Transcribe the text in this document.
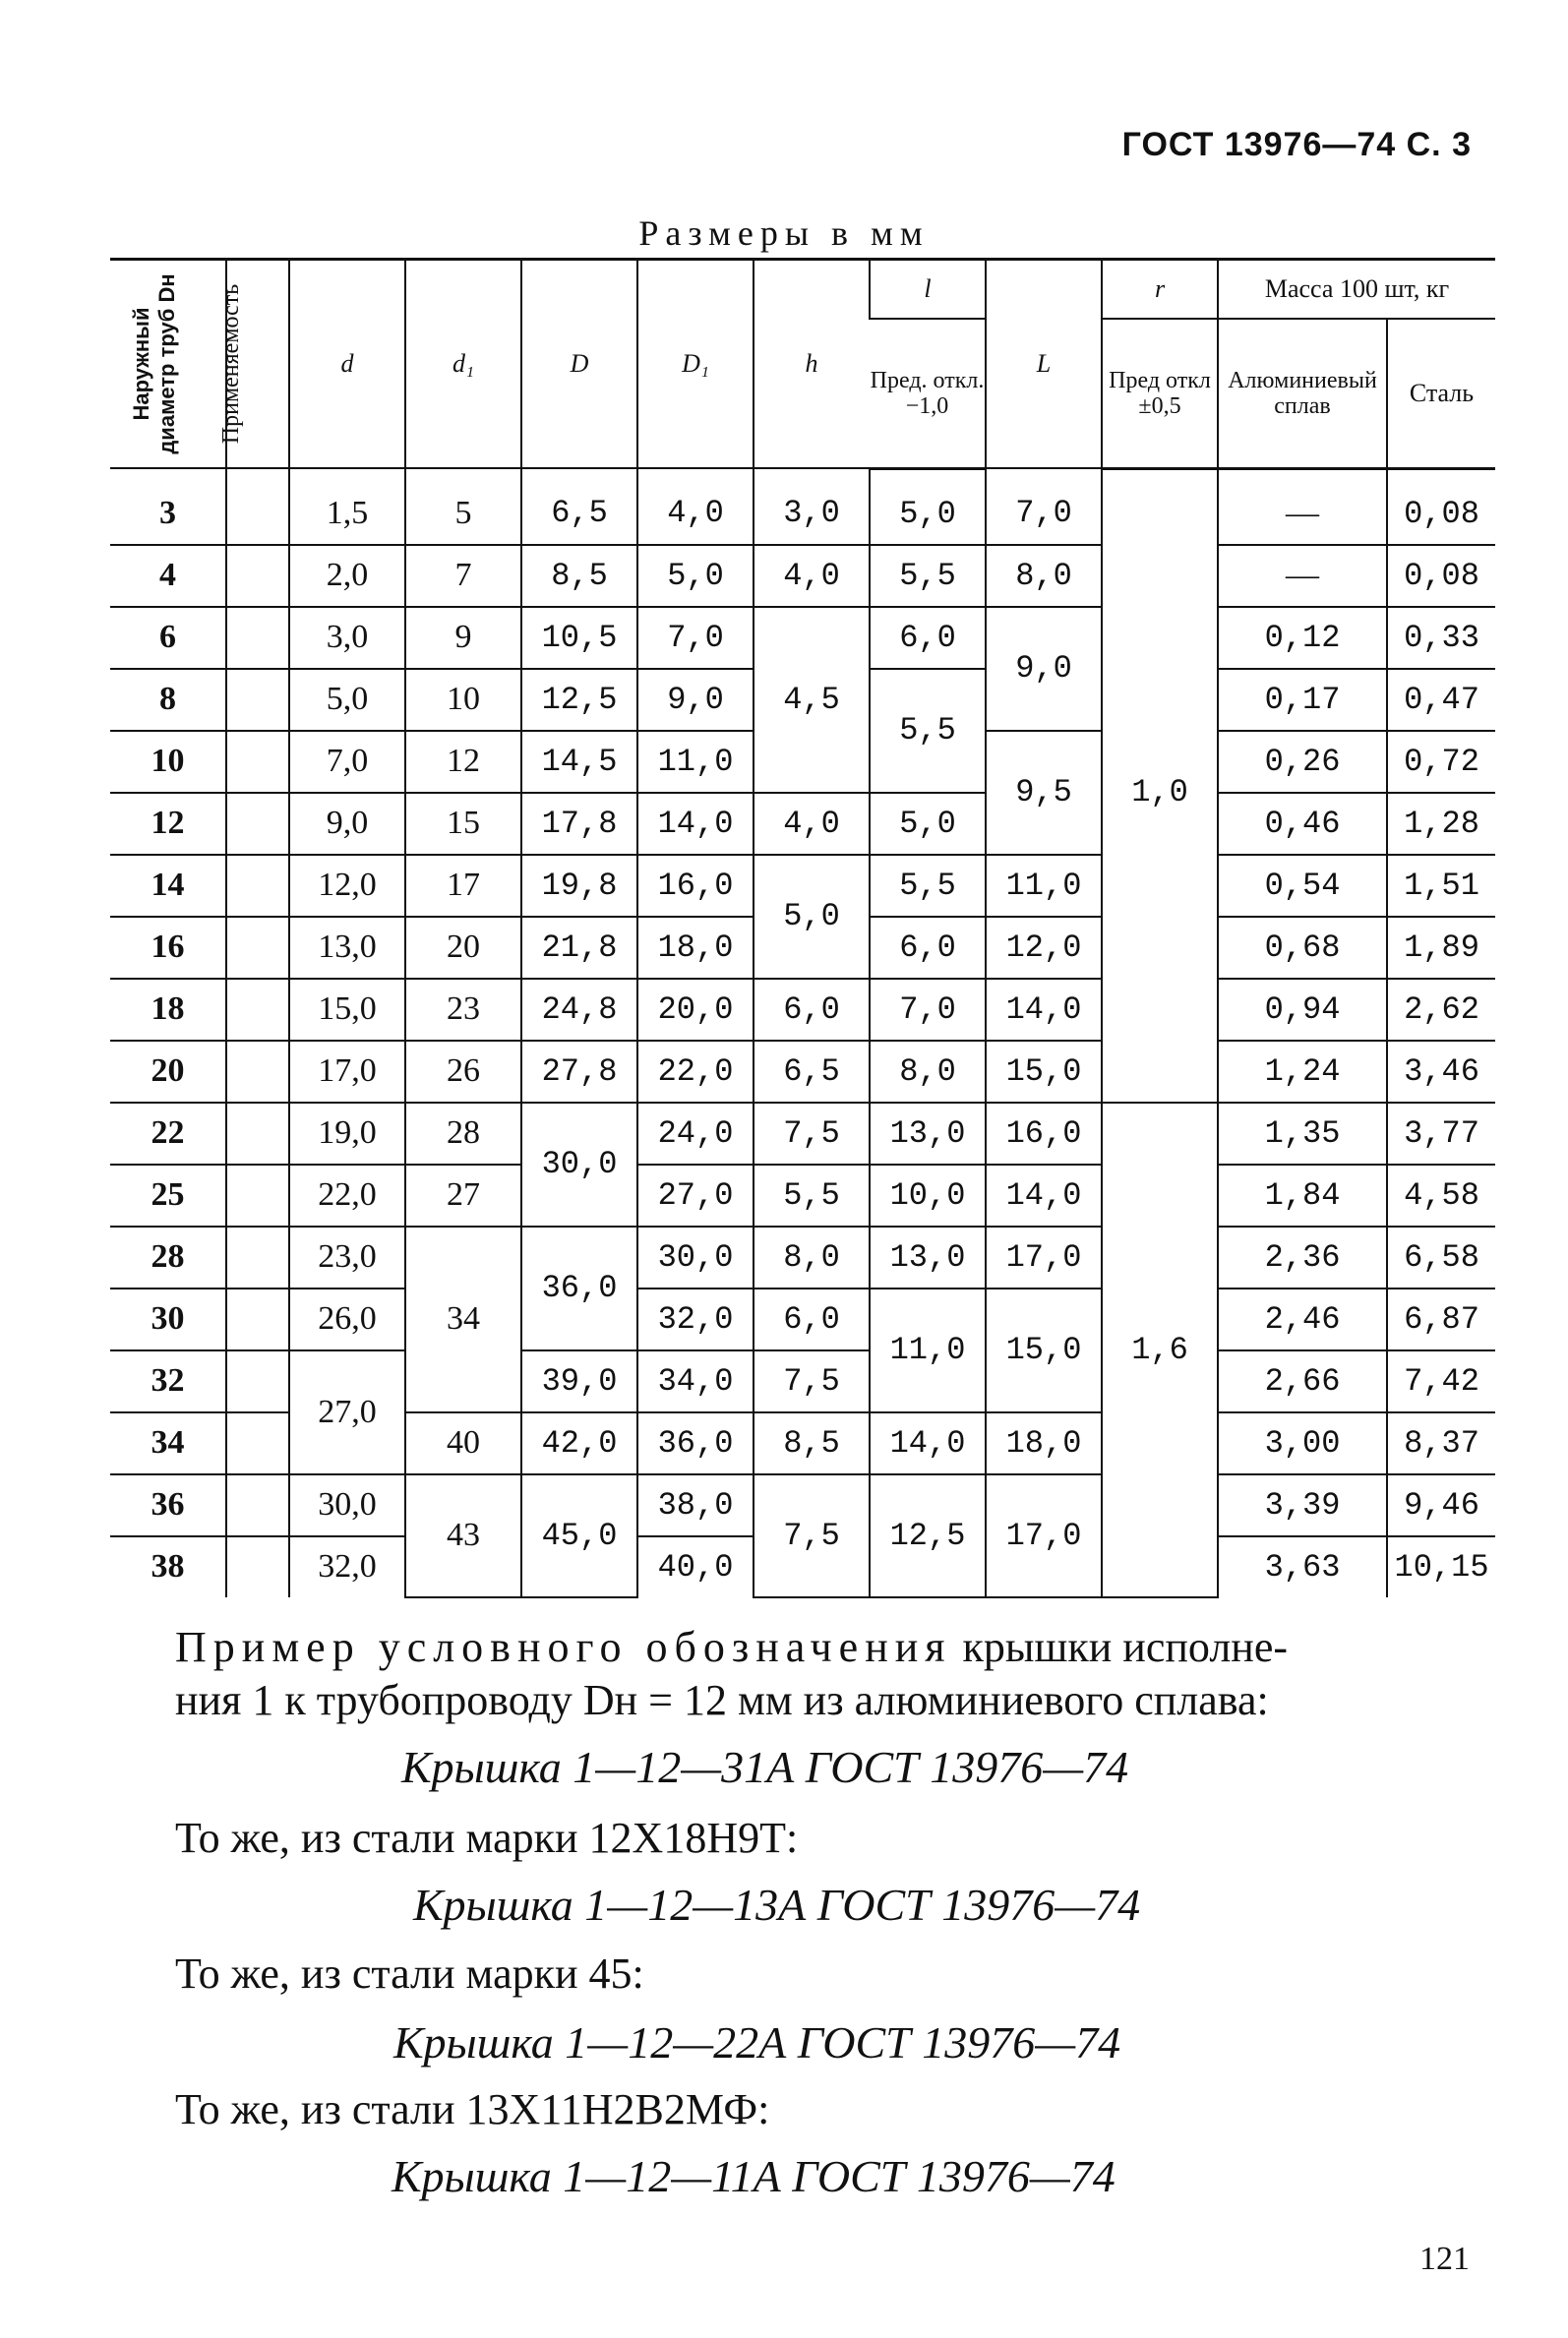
ГОСТ 13976—74 С. 3
Размеры в мм
Наружный диаметр труб Dн	Применяемость	d	d₁	D	D₁	h	l	L	r	Масса 100 шт, кг	
							Пред. откл. −1,0		Пред откл ±0,5	Алюминиевый сплав	Сталь
3		1,5	5	6,5	4,0	3,0	5,0	7,0	1,0	—	0,08
4		2,0	7	8,5	5,0	4,0	5,5	8,0		—	0,08
6		3,0	9	10,5	7,0	4,5	6,0	9,0		0,12	0,33
8		5,0	10	12,5	9,0		5,5			0,17	0,47
10		7,0	12	14,5	11,0			9,5		0,26	0,72
12		9,0	15	17,8	14,0	4,0	5,0			0,46	1,28
14		12,0	17	19,8	16,0	5,0	5,5	11,0		0,54	1,51
16		13,0	20	21,8	18,0		6,0	12,0		0,68	1,89
18		15,0	23	24,8	20,0	6,0	7,0	14,0		0,94	2,62
20		17,0	26	27,8	22,0	6,5	8,0	15,0		1,24	3,46
22		19,0	28	30,0	24,0	7,5	13,0	16,0	1,6	1,35	3,77
25		22,0	27		27,0	5,5	10,0	14,0		1,84	4,58
28		23,0	34	36,0	30,0	8,0	13,0	17,0		2,36	6,58
30		26,0			32,0	6,0	11,0	15,0		2,46	6,87
32		27,0		39,0	34,0	7,5				2,66	7,42
34			40	42,0	36,0	8,5	14,0	18,0		3,00	8,37
36		30,0	43	45,0	38,0	7,5	12,5	17,0		3,39	9,46
38		32,0			40,0					3,63	10,15
Пример условного обозначения крышки исполне-
ния 1 к трубопроводу Dн = 12 мм из алюминиевого сплава:
Крышка 1—12—31А ГОСТ 13976—74
То же, из стали марки 12Х18Н9Т:
Крышка 1—12—13А ГОСТ 13976—74
То же, из стали марки 45:
Крышка 1—12—22А ГОСТ 13976—74
То же, из стали 13Х11Н2В2МФ:
Крышка 1—12—11А ГОСТ 13976—74
121
